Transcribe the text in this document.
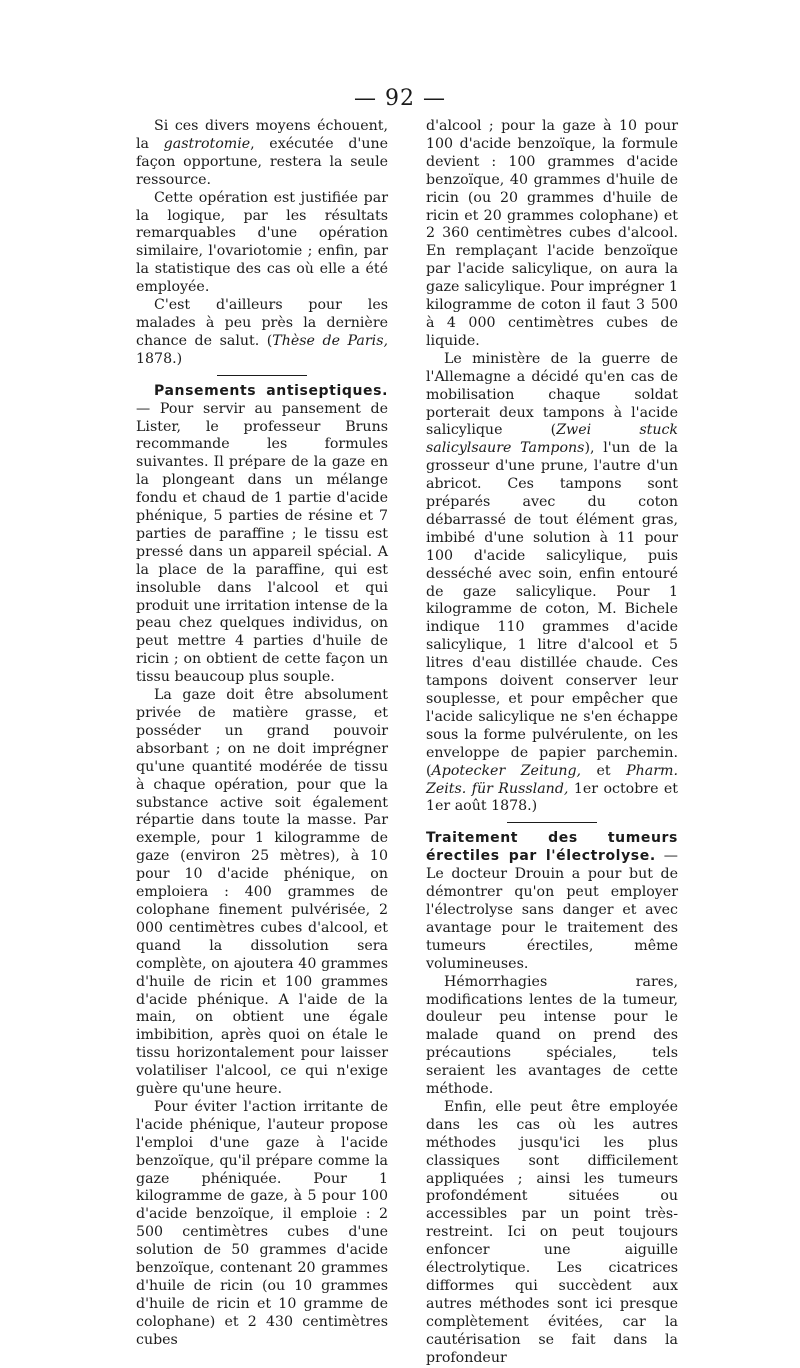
— 92 —

Si ces divers moyens échouent, la gastrotomie, exécutée d'une façon opportune, restera la seule ressource.

Cette opération est justifiée par la logique, par les résultats remarquables d'une opération similaire, l'ovariotomie ; enfin, par la statistique des cas où elle a été employée.

C'est d'ailleurs pour les malades à peu près la dernière chance de salut. (Thèse de Paris, 1878.)

Pansements antiseptiques. — Pour servir au pansement de Lister, le professeur Bruns recommande les formules suivantes. Il prépare de la gaze en la plongeant dans un mélange fondu et chaud de 1 partie d'acide phénique, 5 parties de résine et 7 parties de paraffine ; le tissu est pressé dans un appareil spécial. A la place de la paraffine, qui est insoluble dans l'alcool et qui produit une irritation intense de la peau chez quelques individus, on peut mettre 4 parties d'huile de ricin ; on obtient de cette façon un tissu beaucoup plus souple.

La gaze doit être absolument privée de matière grasse, et posséder un grand pouvoir absorbant ; on ne doit imprégner qu'une quantité modérée de tissu à chaque opération, pour que la substance active soit également répartie dans toute la masse. Par exemple, pour 1 kilogramme de gaze (environ 25 mètres), à 10 pour 10 d'acide phénique, on emploiera : 400 grammes de colophane finement pulvérisée, 2 000 centimètres cubes d'alcool, et quand la dissolution sera complète, on ajoutera 40 grammes d'huile de ricin et 100 grammes d'acide phénique. A l'aide de la main, on obtient une égale imbibition, après quoi on étale le tissu horizontalement pour laisser volatiliser l'alcool, ce qui n'exige guère qu'une heure.

Pour éviter l'action irritante de l'acide phénique, l'auteur propose l'emploi d'une gaze à l'acide benzoïque, qu'il prépare comme la gaze phéniquée. Pour 1 kilogramme de gaze, à 5 pour 100 d'acide benzoïque, il emploie : 2 500 centimètres cubes d'une solution de 50 grammes d'acide benzoïque, contenant 20 grammes d'huile de ricin (ou 10 grammes d'huile de ricin et 10 gramme de colophane) et 2 430 centimètres cubes

d'alcool ; pour la gaze à 10 pour 100 d'acide benzoïque, la formule devient : 100 grammes d'acide benzoïque, 40 grammes d'huile de ricin (ou 20 grammes d'huile de ricin et 20 grammes colophane) et 2 360 centimètres cubes d'alcool. En remplaçant l'acide benzoïque par l'acide salicylique, on aura la gaze salicylique. Pour imprégner 1 kilogramme de coton il faut 3 500 à 4 000 centimètres cubes de liquide.

Le ministère de la guerre de l'Allemagne a décidé qu'en cas de mobilisation chaque soldat porterait deux tampons à l'acide salicylique (Zwei stuck salicylsaure Tampons), l'un de la grosseur d'une prune, l'autre d'un abricot. Ces tampons sont préparés avec du coton débarrassé de tout élément gras, imbibé d'une solution à 11 pour 100 d'acide salicylique, puis desséché avec soin, enfin entouré de gaze salicylique. Pour 1 kilogramme de coton, M. Bichele indique 110 grammes d'acide salicylique, 1 litre d'alcool et 5 litres d'eau distillée chaude. Ces tampons doivent conserver leur souplesse, et pour empêcher que l'acide salicylique ne s'en échappe sous la forme pulvérulente, on les enveloppe de papier parchemin. (Apotecker Zeitung, et Pharm. Zeits. für Russland, 1er octobre et 1er août 1878.)

Traitement des tumeurs érectiles par l'électrolyse. — Le docteur Drouin a pour but de démontrer qu'on peut employer l'électrolyse sans danger et avec avantage pour le traitement des tumeurs érectiles, même volumineuses.

Hémorrhagies rares, modifications lentes de la tumeur, douleur peu intense pour le malade quand on prend des précautions spéciales, tels seraient les avantages de cette méthode.

Enfin, elle peut être employée dans les cas où les autres méthodes jusqu'ici les plus classiques sont difficilement appliquées ; ainsi les tumeurs profondément situées ou accessibles par un point très-restreint. Ici on peut toujours enfoncer une aiguille électrolytique. Les cicatrices difformes qui succèdent aux autres méthodes sont ici presque complètement évitées, car la cautérisation se fait dans la profondeur
